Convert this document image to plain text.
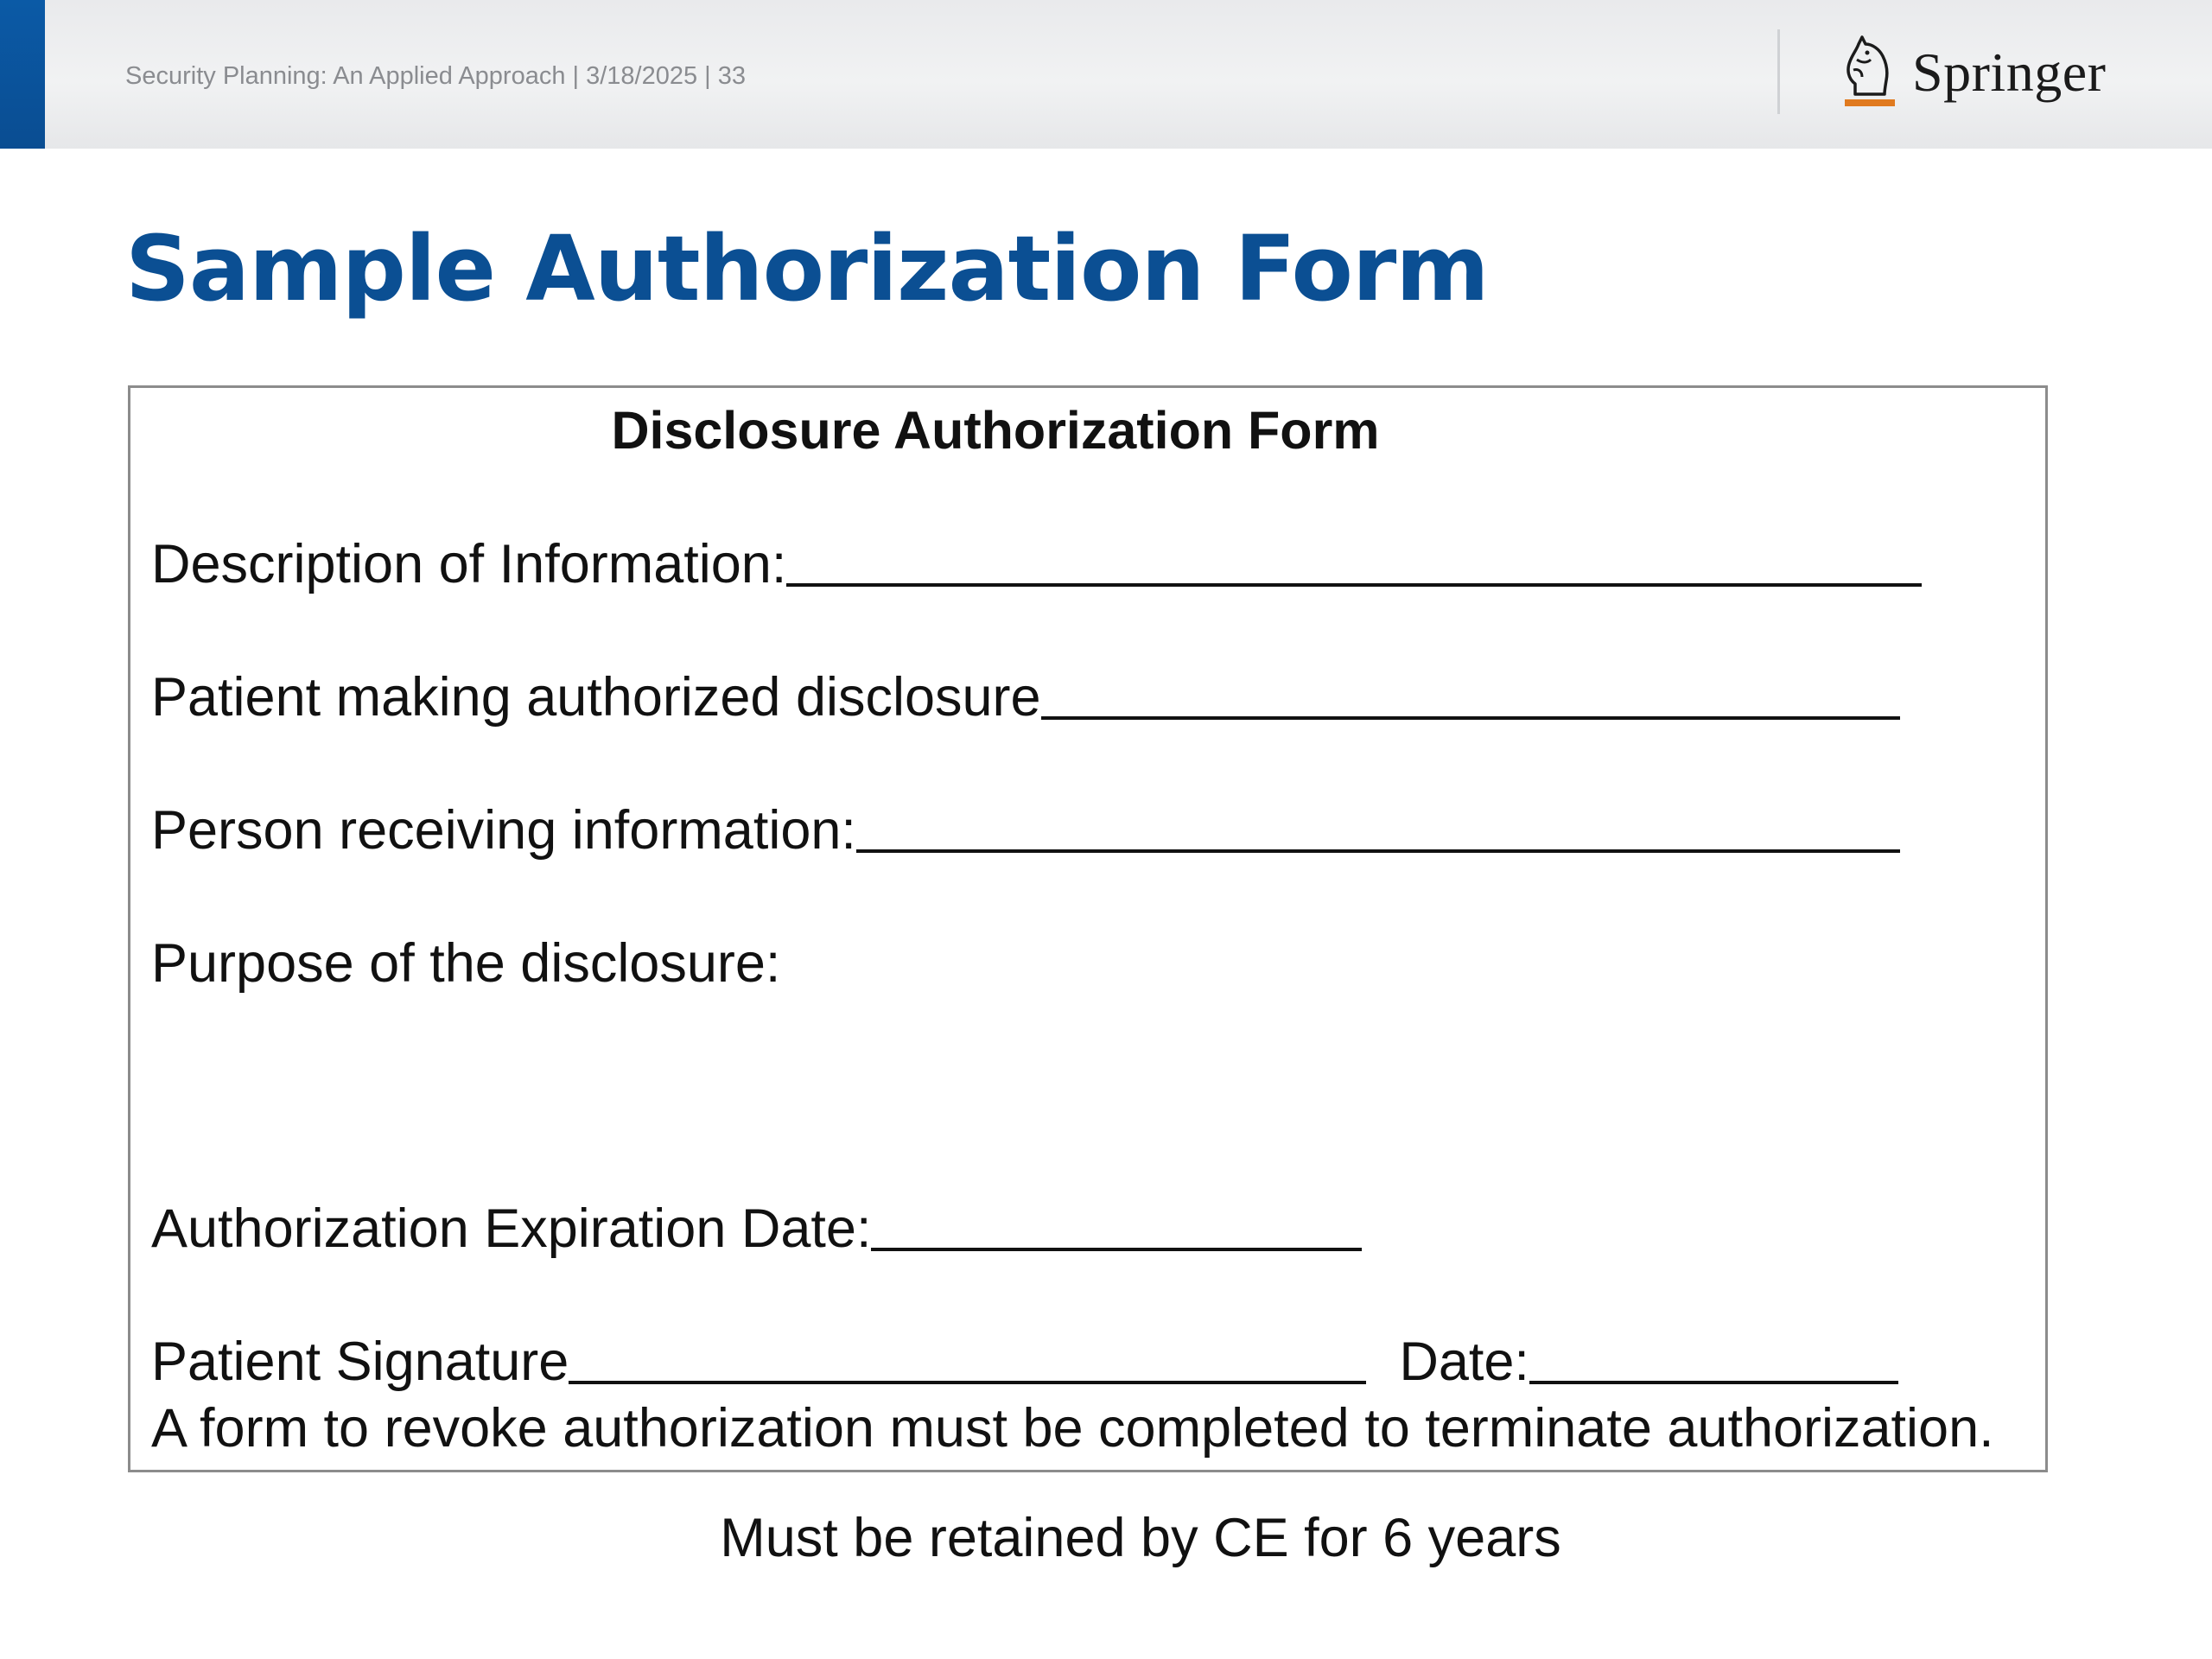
Security Planning: An Applied Approach | 3/18/2025 | 33	Springer
Sample Authorization Form
Disclosure Authorization Form
Description of Information:
Patient making authorized disclosure
Person receiving information:
Purpose of the disclosure:
Authorization Expiration Date:
Patient Signature	Date:
A form to revoke authorization must be completed to terminate authorization.
Must be retained by CE for 6 years
